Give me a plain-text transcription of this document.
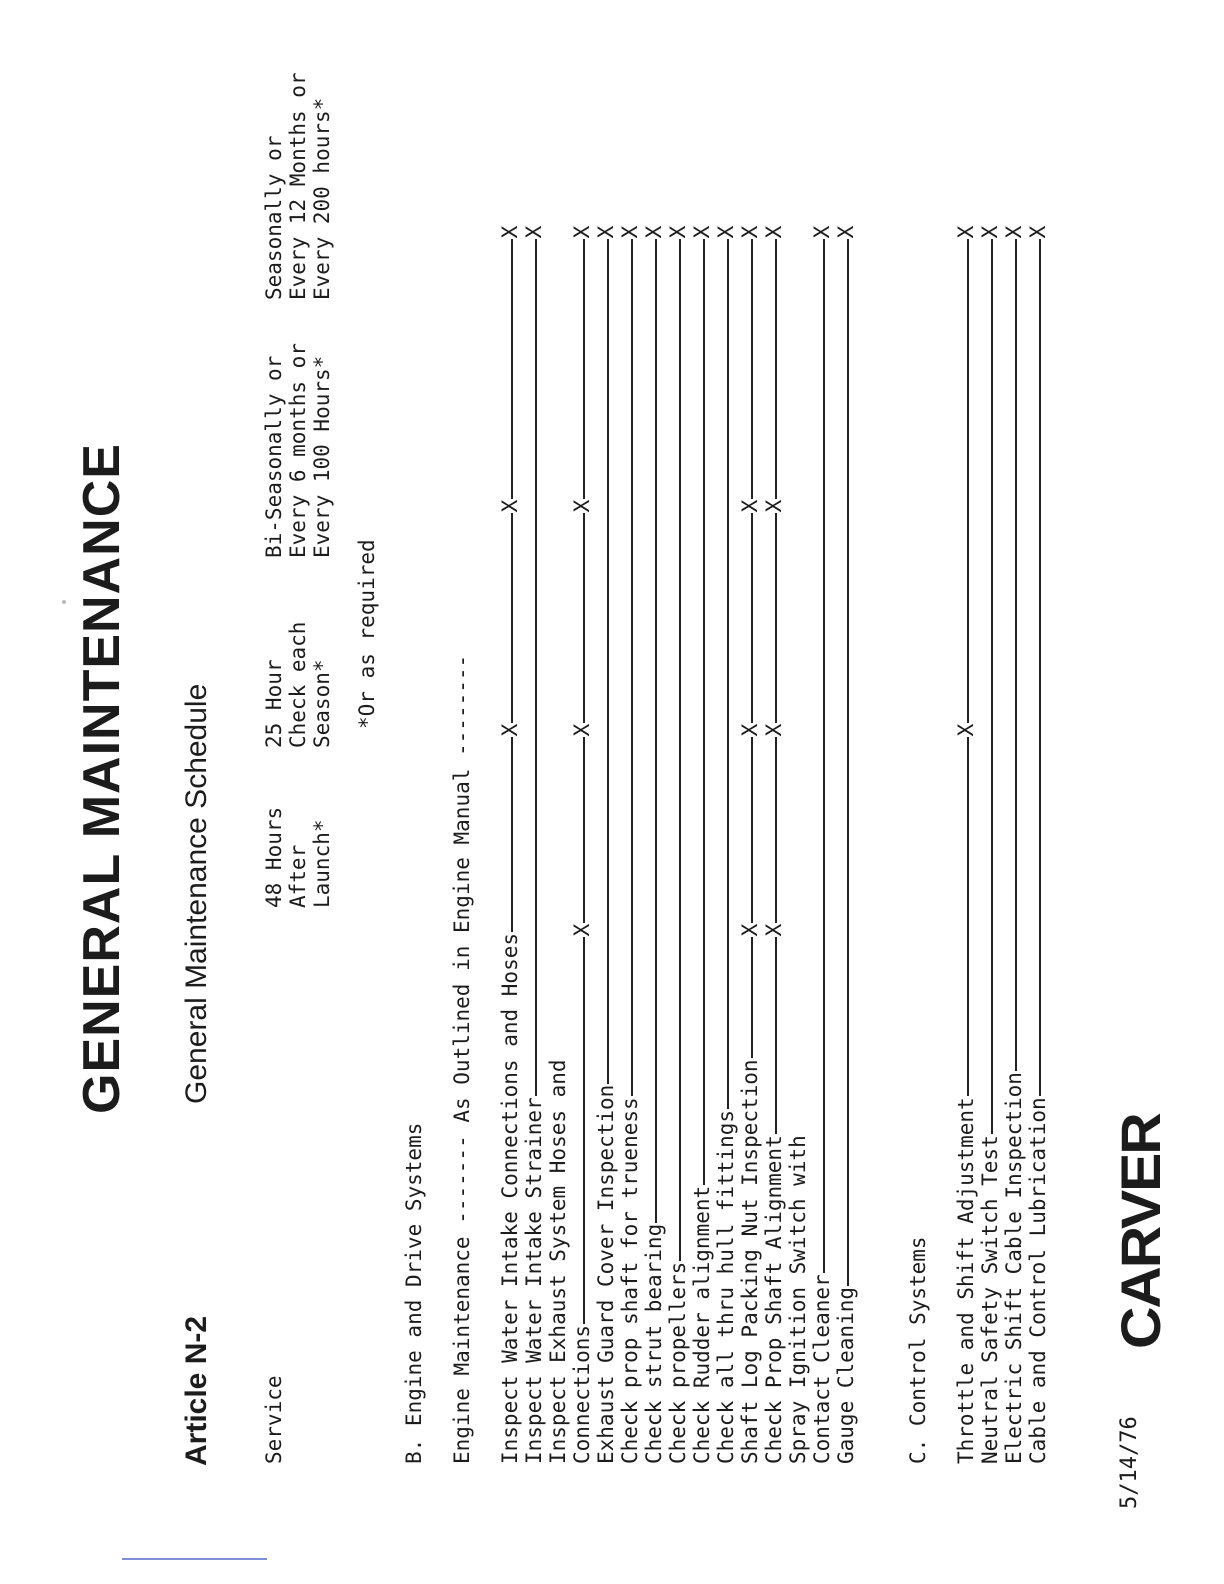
GENERAL MAINTENANCE
Article N-2
General Maintenance Schedule
Service
48 Hours After Launch*
25 Hour Check each Season*
Bi-Seasonally or Every 6 months or Every 100 Hours*
Seasonally or Every 12 Months or Every 200 hours*
*Or as required
B. Engine and Drive Systems Engine Maintenance ------- As Outlined in Engine Manual -------- Inspect Water Intake Connections and Hoses
X
X
X
Inspect Water Intake Strainer
X
Inspect Exhaust System Hoses and Connections
X
X
X
X
Exhaust Guard Cover Inspection
X
Check prop shaft for trueness
X
Check strut bearing
X
Check propellers
X
Check Rudder alignment
X
Check all thru hull fittings
X
Shaft Log Packing Nut Inspection
X
X
X
X
Check Prop Shaft Alignment
X
X
X
X
Spray Ignition Switch with Contact Cleaner
X
Gauge Cleaning
X
C. Control Systems Throttle and Shift Adjustment
X
X
Neutral Safety Switch Test
X
Electric Shift Cable Inspection
X
Cable and Control Lubrication
X
5/14/76
CARVER
